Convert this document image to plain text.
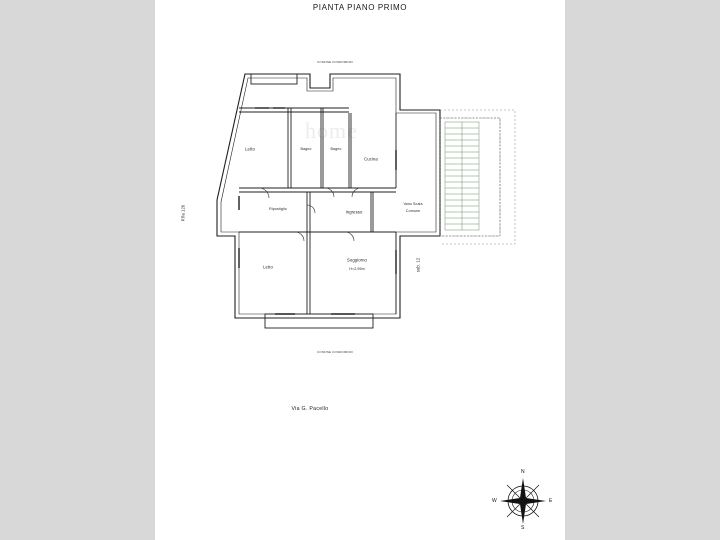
PIANTA PIANO PRIMO
home
CONFINE CONDOMINIO
CONFINE CONDOMINIO
P.lla 126
sub. 12
Via G. Pacello
Letto	Bagno	Bagno
Cucina
Ripostiglio
Ingresso
Letto
Soggiorno
H=2,95m
Vano Scala
Comune
N
E
S
W
